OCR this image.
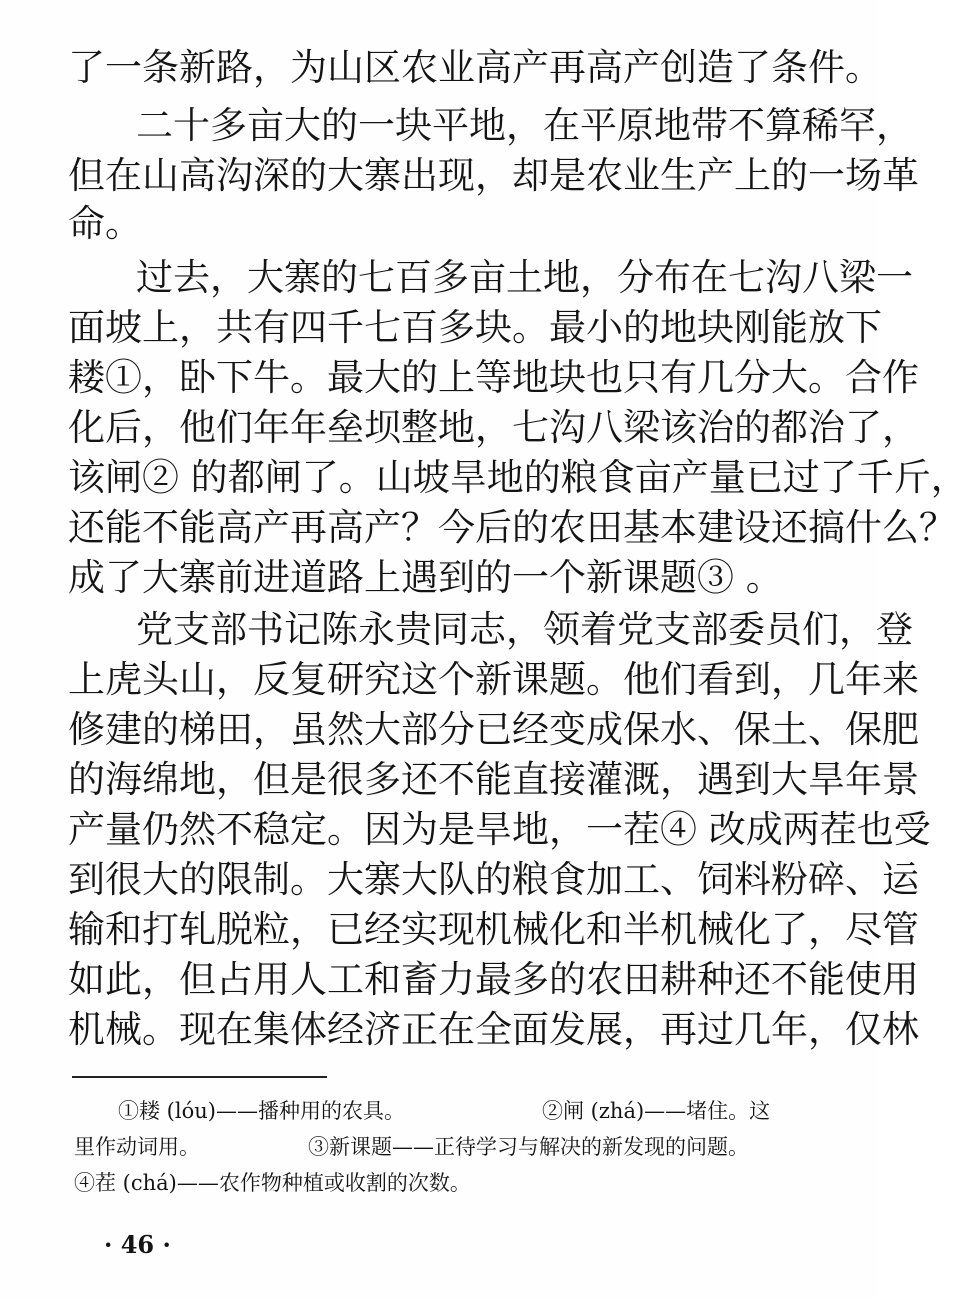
了一条新路，为山区农业高产再高产创造了条件。
二十多亩大的一块平地，在平原地带不算稀罕，
但在山高沟深的大寨出现，却是农业生产上的一场革
命。
过去，大寨的七百多亩土地，分布在七沟八梁一
面坡上，共有四千七百多块。最小的地块刚能放下
耧①，卧下牛。最大的上等地块也只有几分大。合作
化后，他们年年垒坝整地，七沟八梁该治的都治了，
该闸② 的都闸了。山坡旱地的粮食亩产量已过了千斤，
还能不能高产再高产？今后的农田基本建设还搞什么？
成了大寨前进道路上遇到的一个新课题③ 。
党支部书记陈永贵同志，领着党支部委员们，登
上虎头山，反复研究这个新课题。他们看到，几年来
修建的梯田，虽然大部分已经变成保水、保土、保肥
的海绵地，但是很多还不能直接灌溉，遇到大旱年景
产量仍然不稳定。因为是旱地，一茬④ 改成两茬也受
到很大的限制。大寨大队的粮食加工、饲料粉碎、运
输和打轧脱粒，已经实现机械化和半机械化了，尽管
如此，但占用人工和畜力最多的农田耕种还不能使用
机械。现在集体经济正在全面发展，再过几年，仅林
①耧 (lóu)——播种用的农具。	②闸 (zhá)——堵住。这
里作动词用。	③新课题——正待学习与解决的新发现的问题。
④茬 (chá)——农作物种植或收割的次数。
· 46 ·
